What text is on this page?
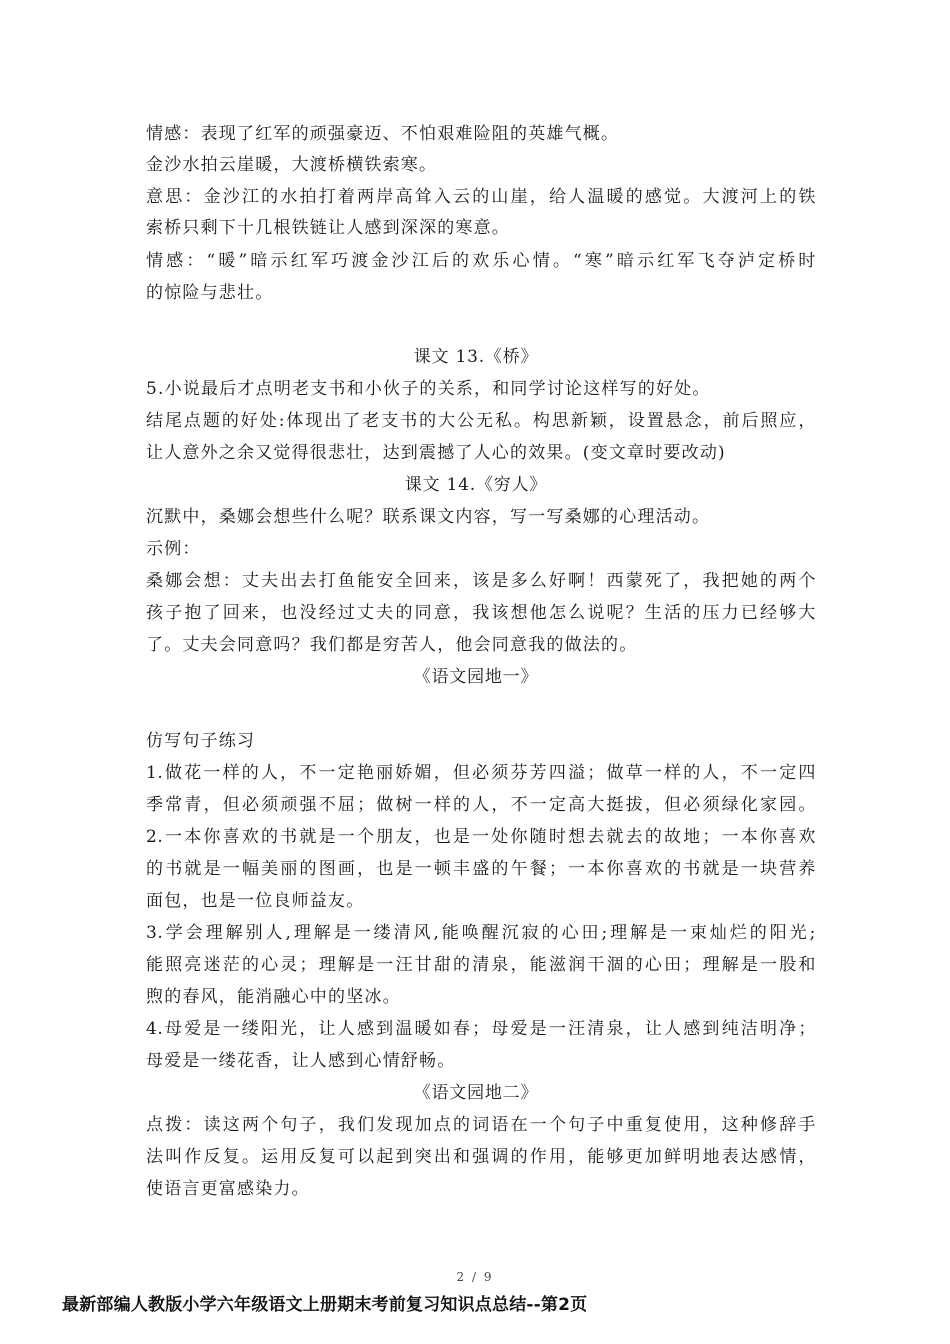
情感：表现了红军的顽强豪迈、不怕艰难险阻的英雄气概。
金沙水拍云崖暖，大渡桥横铁索寒。
意思：金沙江的水拍打着两岸高耸入云的山崖，给人温暖的感觉。大渡河上的铁
索桥只剩下十几根铁链让人感到深深的寒意。
情感：“暖”暗示红军巧渡金沙江后的欢乐心情。“寒”暗示红军飞夺泸定桥时
的惊险与悲壮。
课文 13.《桥》
5.小说最后才点明老支书和小伙子的关系，和同学讨论这样写的好处。
结尾点题的好处:体现出了老支书的大公无私。构思新颖，设置悬念，前后照应，
让人意外之余又觉得很悲壮，达到震撼了人心的效果。(变文章时要改动)
课文 14.《穷人》
沉默中，桑娜会想些什么呢？联系课文内容，写一写桑娜的心理活动。
示例：
桑娜会想：丈夫出去打鱼能安全回来，该是多么好啊！西蒙死了，我把她的两个
孩子抱了回来，也没经过丈夫的同意，我该想他怎么说呢？生活的压力已经够大
了。丈夫会同意吗？我们都是穷苦人，他会同意我的做法的。
《语文园地一》
仿写句子练习
1.做花一样的人，不一定艳丽娇媚，但必须芬芳四溢；做草一样的人，不一定四
季常青，但必须顽强不屈；做树一样的人，不一定高大挺拔，但必须绿化家园。
2.一本你喜欢的书就是一个朋友，也是一处你随时想去就去的故地；一本你喜欢
的书就是一幅美丽的图画，也是一顿丰盛的午餐；一本你喜欢的书就是一块营养
面包，也是一位良师益友。
3.学会理解别人,理解是一缕清风,能唤醒沉寂的心田;理解是一束灿烂的阳光;
能照亮迷茫的心灵；理解是一汪甘甜的清泉，能滋润干涸的心田；理解是一股和
煦的春风，能消融心中的坚冰。
4.母爱是一缕阳光，让人感到温暖如春；母爱是一汪清泉，让人感到纯洁明净；
母爱是一缕花香，让人感到心情舒畅。
《语文园地二》
点拨：读这两个句子，我们发现加点的词语在一个句子中重复使用，这种修辞手
法叫作反复。运用反复可以起到突出和强调的作用，能够更加鲜明地表达感情，
使语言更富感染力。
2 / 9
最新部编人教版小学六年级语文上册期末考前复习知识点总结--第2页
